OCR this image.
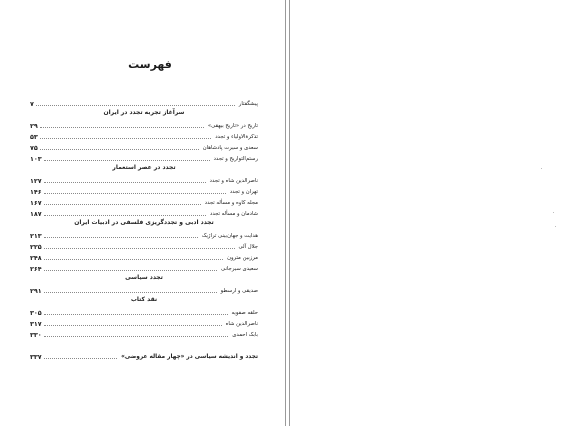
فهرست
پیشگفتار
۷
سرآغاز تجربه تجدد در ایران
تاریخ در «تاریخ بیهقی»
۲۹
تذکرةالاولیاء و تجدد
۵۳
سعدی و سیرت پادشاهان
۷۵
رستم‌التواریخ و تجدد
۱۰۳
تجدد در عصر استعمار
ناصرالدین شاه و تجدد
۱۲۷
تهران و تجدد
۱۴۶
مجله کاوه و مسأله تجدد
۱۶۷
شادمان و مسأله تجدد
۱۸۷
تجدد ادبی و تجددگریزی فلسفی در ادبیات ایران
هدایت و جهان‌بینی تراژیک
۲۱۳
جلال آلی
۲۲۵
مرزبین مترون
۲۴۸
سعیدی سیرجانی
۲۶۴
تجدد سیاسی
صدیقی و ارسطو
۲۹۱
نقد کتاب
حلقه صفویه
۳۰۵
ناصرالدین شاه
۳۱۷
بابک احمدی
۳۳۰
تجدد و اندیشه سیاسی در «چهار مقاله عروضی»
۳۳۷
